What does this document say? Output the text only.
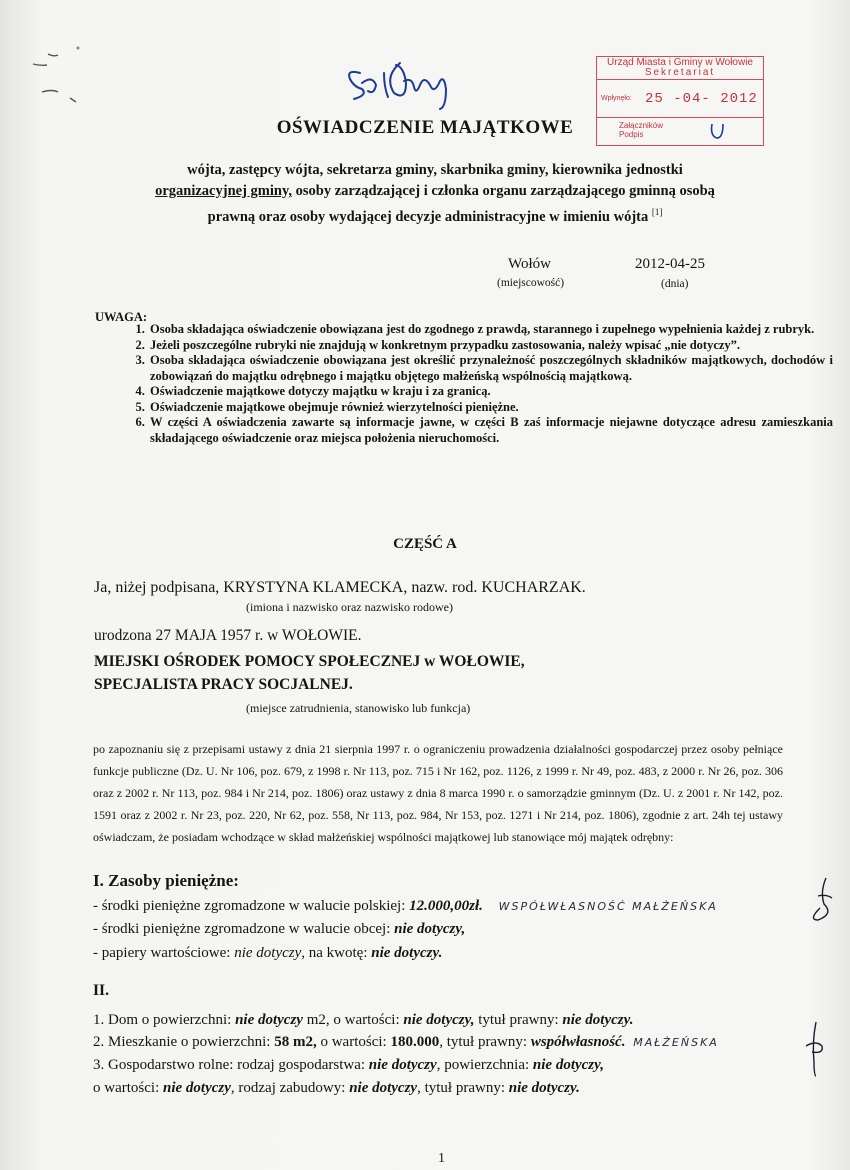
Urząd Miasta i Gminy w Wołowie
Sekretariat
Wpłynęło: 25 -04- 2012
Załączników
Podpis
OŚWIADCZENIE MAJĄTKOWE
wójta, zastępcy wójta, sekretarza gminy, skarbnika gminy, kierownika jednostki
organizacyjnej gminy, osoby zarządzającej i członka organu zarządzającego gminną osobą
prawną oraz osoby wydającej decyzje administracyjne w imieniu wójta [1]
Wołów
(miejscowość)
2012-04-25
(dnia)
UWAGA:
1. Osoba składająca oświadczenie obowiązana jest do zgodnego z prawdą, starannego i zupełnego wypełnienia każdej z rubryk.
2. Jeżeli poszczególne rubryki nie znajdują w konkretnym przypadku zastosowania, należy wpisać „nie dotyczy”.
3. Osoba składająca oświadczenie obowiązana jest określić przynależność poszczególnych składników majątkowych, dochodów i zobowiązań do majątku odrębnego i majątku objętego małżeńską wspólnością majątkową.
4. Oświadczenie majątkowe dotyczy majątku w kraju i za granicą.
5. Oświadczenie majątkowe obejmuje również wierzytelności pieniężne.
6. W części A oświadczenia zawarte są informacje jawne, w części B zaś informacje niejawne dotyczące adresu zamieszkania składającego oświadczenie oraz miejsca położenia nieruchomości.
CZĘŚĆ A
Ja, niżej podpisana, KRYSTYNA KLAMECKA, nazw. rod. KUCHARZAK.
(imiona i nazwisko oraz nazwisko rodowe)
urodzona 27 MAJA 1957 r. w WOŁOWIE.
MIEJSKI OŚRODEK POMOCY SPOŁECZNEJ w WOŁOWIE,
SPECJALISTA PRACY SOCJALNEJ.
(miejsce zatrudnienia, stanowisko lub funkcja)
po zapoznaniu się z przepisami ustawy z dnia 21 sierpnia 1997 r. o ograniczeniu prowadzenia działalności gospodarczej przez osoby pełniące funkcje publiczne (Dz. U. Nr 106, poz. 679, z 1998 r. Nr 113, poz. 715 i Nr 162, poz. 1126, z 1999 r. Nr 49, poz. 483, z 2000 r. Nr 26, poz. 306 oraz z 2002 r. Nr 113, poz. 984 i Nr 214, poz. 1806) oraz ustawy z dnia 8 marca 1990 r. o samorządzie gminnym (Dz. U. z 2001 r. Nr 142, poz. 1591 oraz z 2002 r. Nr 23, poz. 220, Nr 62, poz. 558, Nr 113, poz. 984, Nr 153, poz. 1271 i Nr 214, poz. 1806), zgodnie z art. 24h tej ustawy oświadczam, że posiadam wchodzące w skład małżeńskiej wspólności majątkowej lub stanowiące mój majątek odrębny:
I. Zasoby pieniężne:
- środki pieniężne zgromadzone w walucie polskiej: 12.000,00zł. WSPÓŁWŁASNOŚĆ MAŁŻEŃSKA
- środki pieniężne zgromadzone w walucie obcej: nie dotyczy,
- papiery wartościowe: nie dotyczy, na kwotę: nie dotyczy.
II.
1. Dom o powierzchni: nie dotyczy m2, o wartości: nie dotyczy, tytuł prawny: nie dotyczy.
2. Mieszkanie o powierzchni: 58 m2, o wartości: 180.000, tytuł prawny: współwłasność. MAŁŻEŃSKA
3. Gospodarstwo rolne: rodzaj gospodarstwa: nie dotyczy, powierzchnia: nie dotyczy,
o wartości: nie dotyczy, rodzaj zabudowy: nie dotyczy, tytuł prawny: nie dotyczy.
1
